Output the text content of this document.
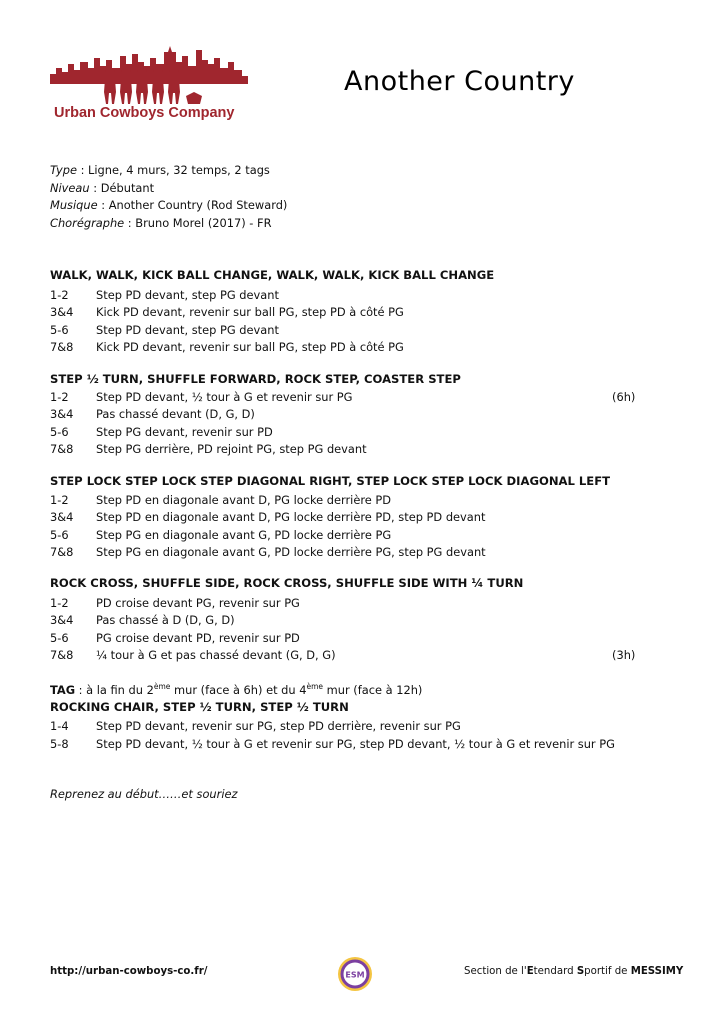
Urban Cowboys Company
Another Country
Type : Ligne, 4 murs, 32 temps, 2 tags
Niveau : Débutant
Musique : Another Country (Rod Steward)
Chorégraphe : Bruno Morel (2017) - FR
WALK, WALK, KICK BALL CHANGE, WALK, WALK, KICK BALL CHANGE
1-2 Step PD devant, step PG devant
3&4 Kick PD devant, revenir sur ball PG, step PD à côté PG
5-6 Step PD devant, step PG devant
7&8 Kick PD devant, revenir sur ball PG, step PD à côté PG
STEP ½ TURN, SHUFFLE FORWARD, ROCK STEP, COASTER STEP
1-2 Step PD devant, ½ tour à G et revenir sur PG	(6h)
3&4 Pas chassé devant (D, G, D)
5-6 Step PG devant, revenir sur PD
7&8 Step PG derrière, PD rejoint PG, step PG devant
STEP LOCK STEP LOCK STEP DIAGONAL RIGHT, STEP LOCK STEP LOCK DIAGONAL LEFT
1-2 Step PD en diagonale avant D, PG locke derrière PD
3&4 Step PD en diagonale avant D, PG locke derrière PD, step PD devant
5-6 Step PG en diagonale avant G, PD locke derrière PG
7&8 Step PG en diagonale avant G, PD locke derrière PG, step PG devant
ROCK CROSS, SHUFFLE SIDE, ROCK CROSS, SHUFFLE SIDE WITH ¼ TURN
1-2 PD croise devant PG, revenir sur PG
3&4 Pas chassé à D (D, G, D)
5-6 PG croise devant PD, revenir sur PD
7&8 ¼ tour à G et pas chassé devant (G, D, G)	(3h)
TAG : à la fin du 2ème mur (face à 6h) et du 4ème mur (face à 12h)
ROCKING CHAIR, STEP ½ TURN, STEP ½ TURN
1-4 Step PD devant, revenir sur PG, step PD derrière, revenir sur PG
5-8 Step PD devant, ½ tour à G et revenir sur PG, step PD devant, ½ tour à G et revenir sur PG
Reprenez au début……et souriez
http://urban-cowboys-co.fr/	ESM	Section de l'Etendard Sportif de MESSIMY
